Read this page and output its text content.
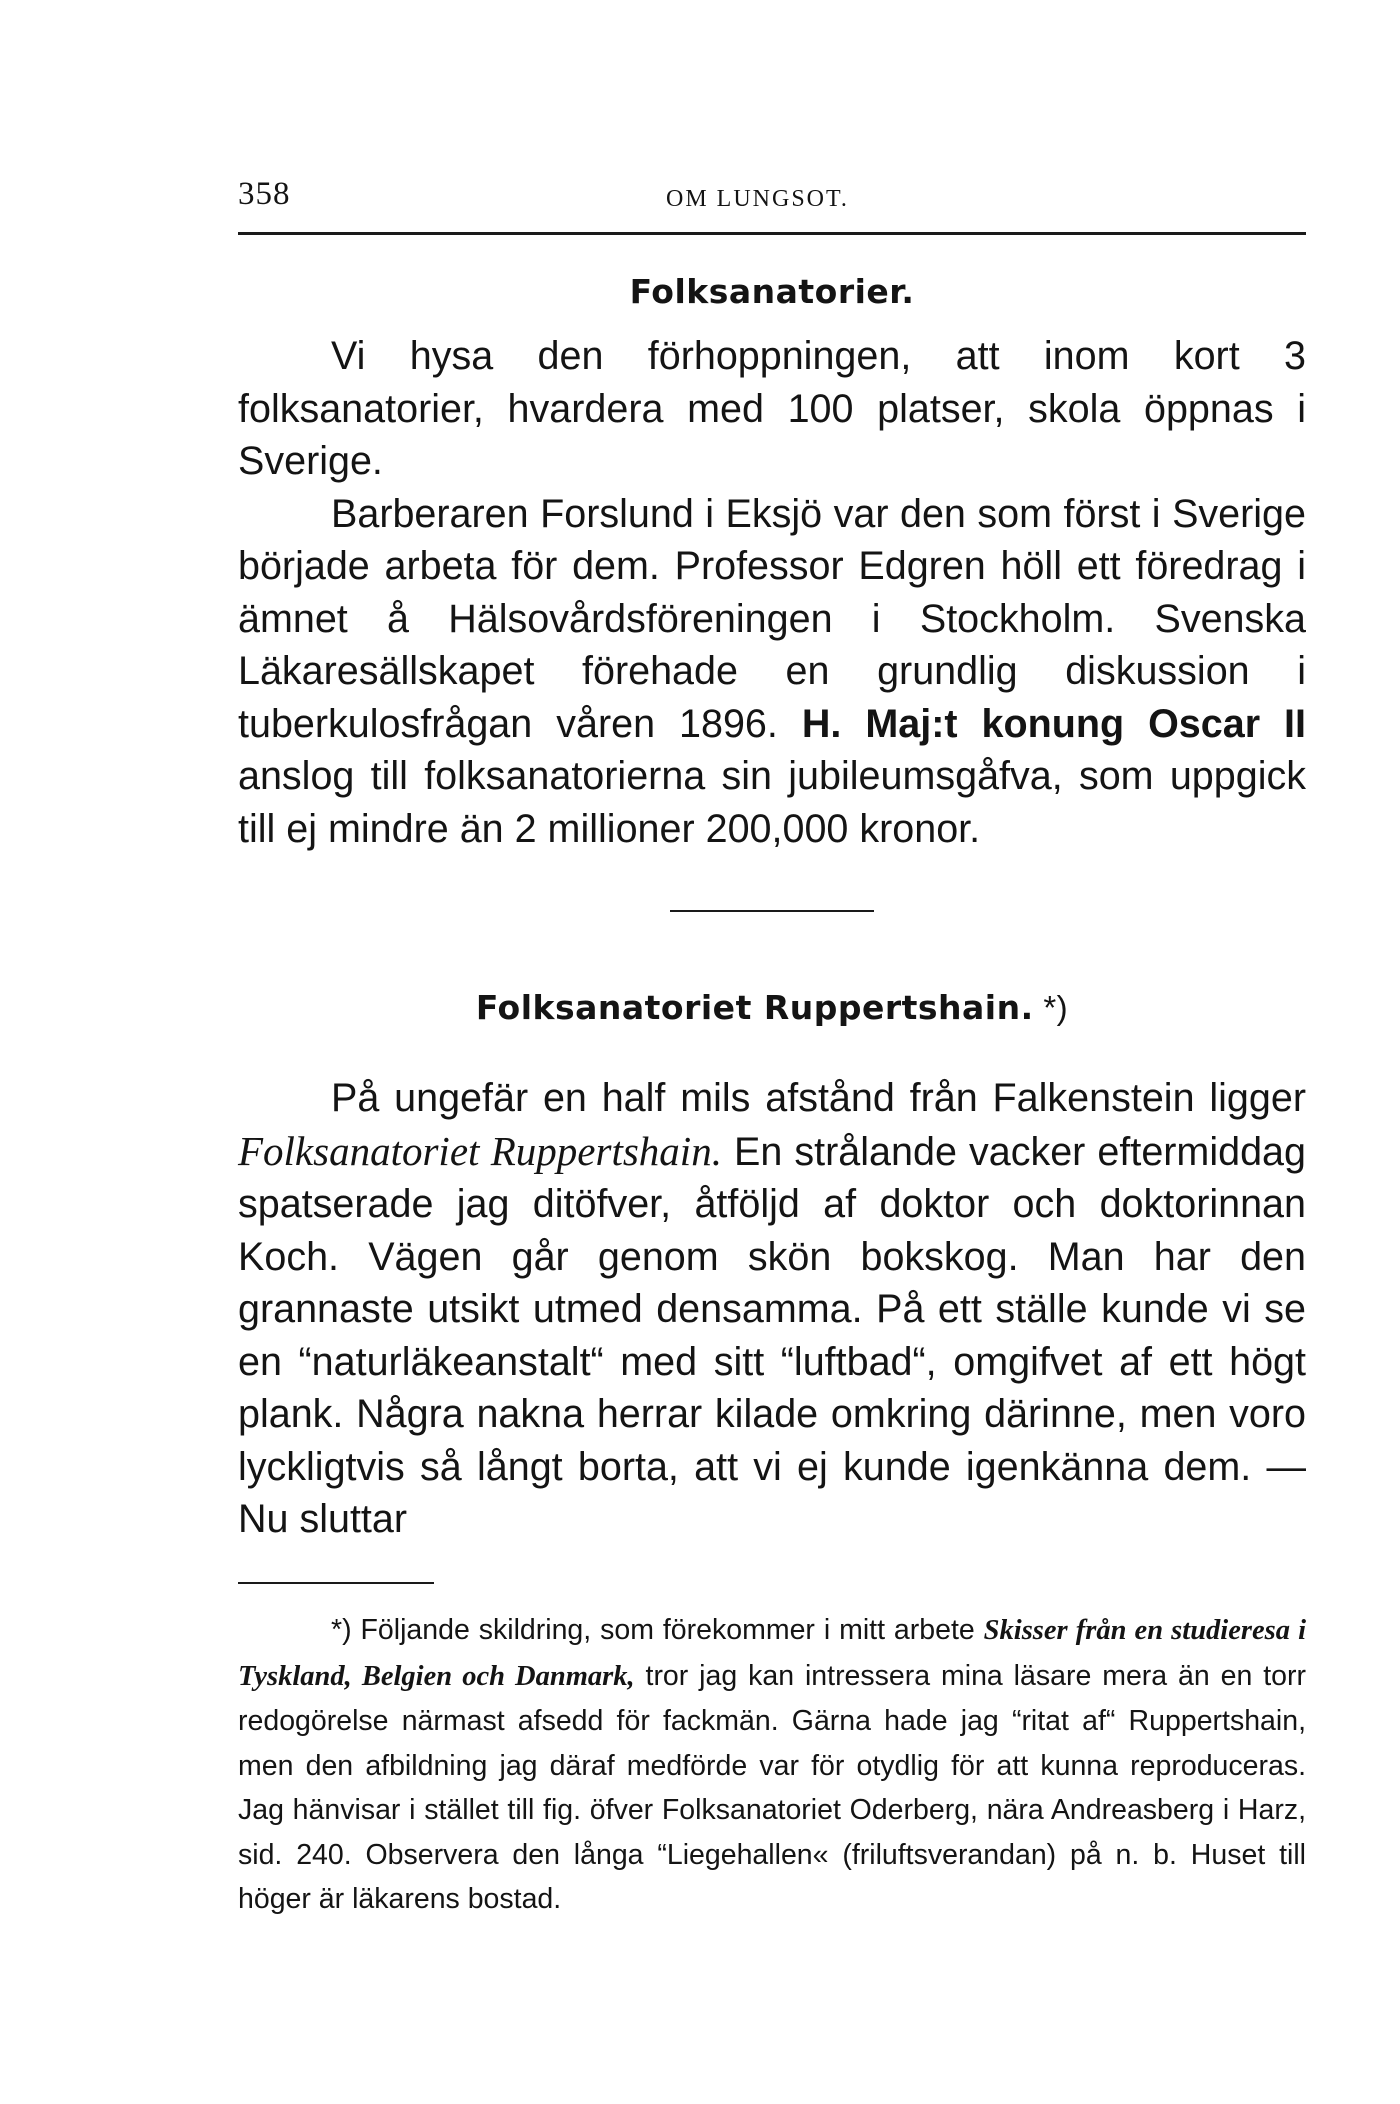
358	OM LUNGSOT.
Folksanatorier.

Vi hysa den förhoppningen, att inom kort 3 folksanatorier, hvardera med 100 platser, skola öppnas i Sverige.

Barberaren Forslund i Eksjö var den som först i Sverige började arbeta för dem. Professor Edgren höll ett föredrag i ämnet å Hälsovårdsföreningen i Stockholm. Svenska Läkaresällskapet förehade en grundlig diskussion i tuberkulosfrågan våren 1896. H. Maj:t konung Oscar II anslog till folksanatorierna sin jubileumsgåfva, som uppgick till ej mindre än 2 millioner 200,000 kronor.

Folksanatoriet Ruppertshain. *)

På ungefär en half mils afstånd från Falkenstein ligger Folksanatoriet Ruppertshain. En strålande vacker eftermiddag spatserade jag ditöfver, åtföljd af doktor och doktorinnan Koch. Vägen går genom skön bokskog. Man har den grannaste utsikt utmed densamma. På ett ställe kunde vi se en “naturläkeanstalt“ med sitt “luftbad“, omgifvet af ett högt plank. Några nakna herrar kilade omkring därinne, men voro lyckligtvis så långt borta, att vi ej kunde igenkänna dem. — Nu sluttar

*) Följande skildring, som förekommer i mitt arbete Skisser från en studieresa i Tyskland, Belgien och Danmark, tror jag kan intressera mina läsare mera än en torr redogörelse närmast afsedd för fackmän. Gärna hade jag “ritat af“ Ruppertshain, men den afbildning jag däraf medförde var för otydlig för att kunna reproduceras. Jag hänvisar i stället till fig. öfver Folksanatoriet Oderberg, nära Andreasberg i Harz, sid. 240. Observera den långa “Liegehallen« (friluftsverandan) på n. b. Huset till höger är läkarens bostad.
